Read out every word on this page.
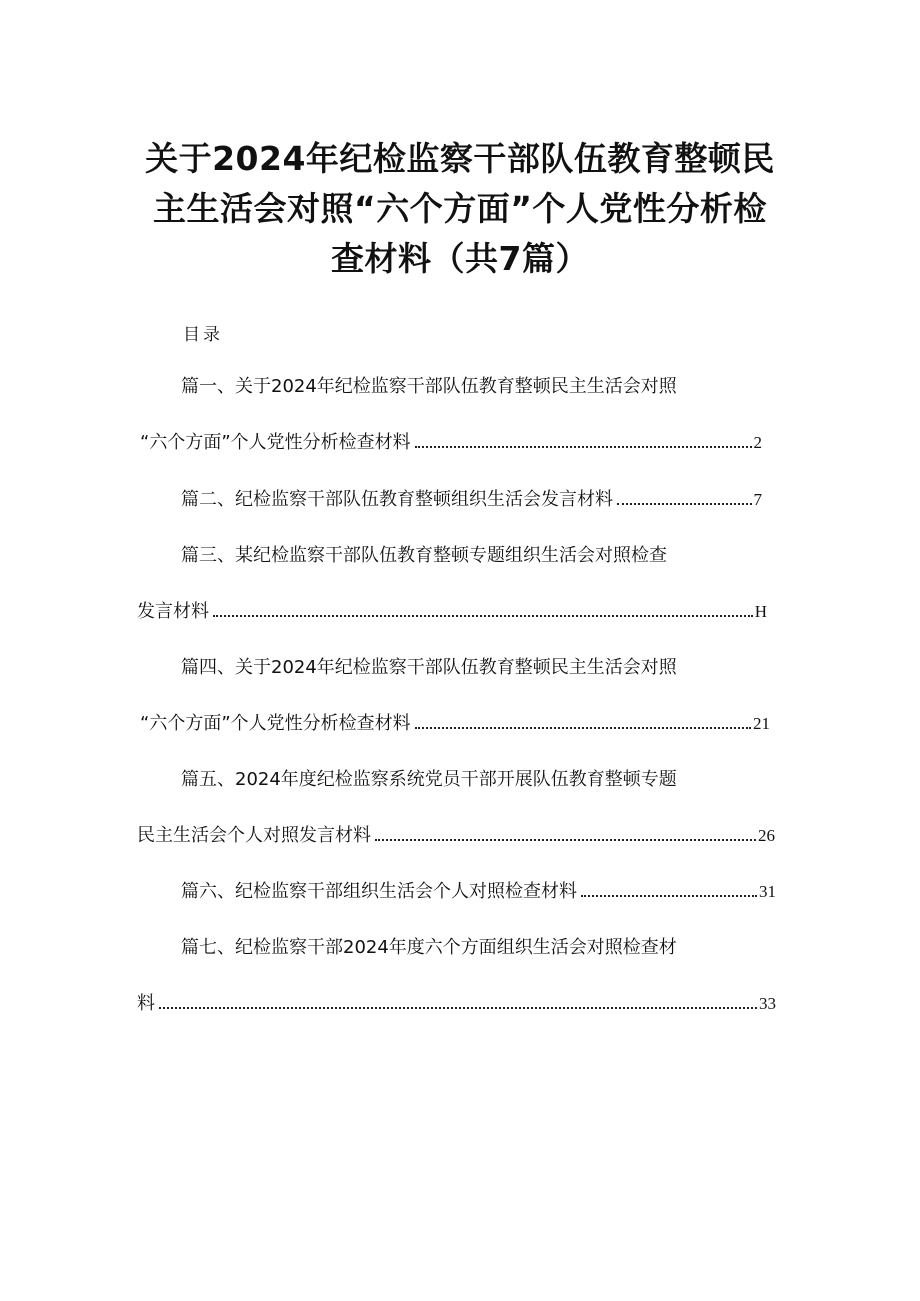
关于2024年纪检监察干部队伍教育整顿民
主生活会对照“六个方面”个人党性分析检
查材料（共7篇）
目录
篇一、关于2024年纪检监察干部队伍教育整顿民主生活会对照
“六个方面”个人党性分析检查材料	2
篇二、纪检监察干部队伍教育整顿组织生活会发言材料	7
篇三、某纪检监察干部队伍教育整顿专题组织生活会对照检查
发言材料	H
篇四、关于2024年纪检监察干部队伍教育整顿民主生活会对照
“六个方面”个人党性分析检查材料	21
篇五、2024年度纪检监察系统党员干部开展队伍教育整顿专题
民主生活会个人对照发言材料	26
篇六、纪检监察干部组织生活会个人对照检查材料	31
篇七、纪检监察干部2024年度六个方面组织生活会对照检查材
料	33
